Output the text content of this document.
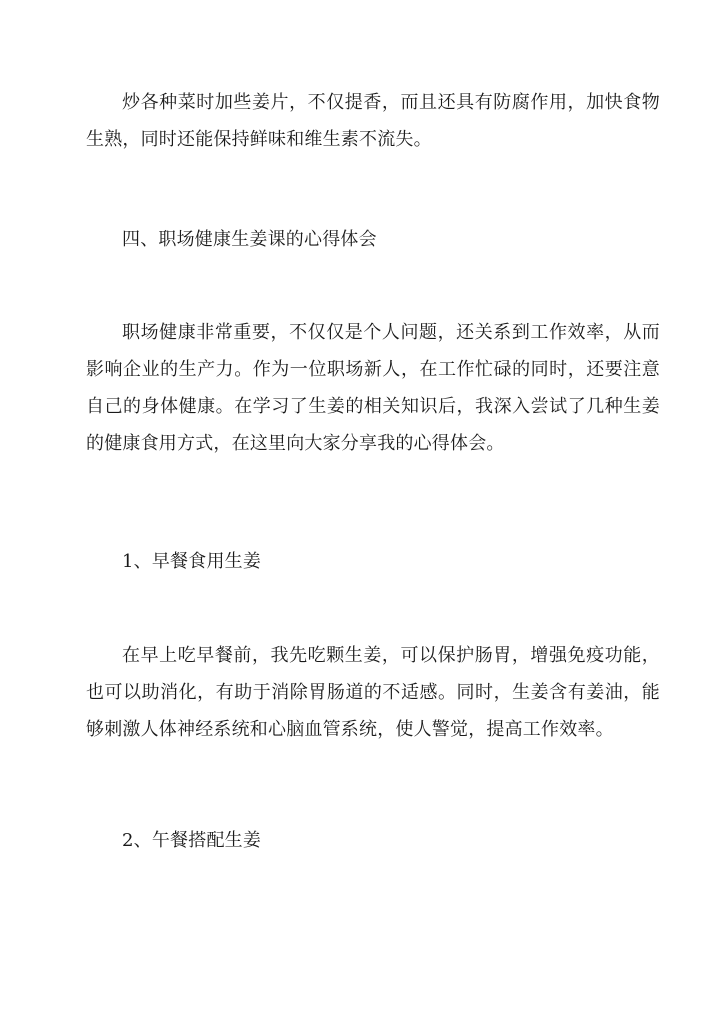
炒各种菜时加些姜片，不仅提香，而且还具有防腐作用，加快食物生熟，同时还能保持鲜味和维生素不流失。

四、职场健康生姜课的心得体会

职场健康非常重要，不仅仅是个人问题，还关系到工作效率，从而影响企业的生产力。作为一位职场新人，在工作忙碌的同时，还要注意自己的身体健康。在学习了生姜的相关知识后，我深入尝试了几种生姜的健康食用方式，在这里向大家分享我的心得体会。

1、早餐食用生姜

在早上吃早餐前，我先吃颗生姜，可以保护肠胃，增强免疫功能，也可以助消化，有助于消除胃肠道的不适感。同时，生姜含有姜油，能够刺激人体神经系统和心脑血管系统，使人警觉，提高工作效率。

2、午餐搭配生姜
